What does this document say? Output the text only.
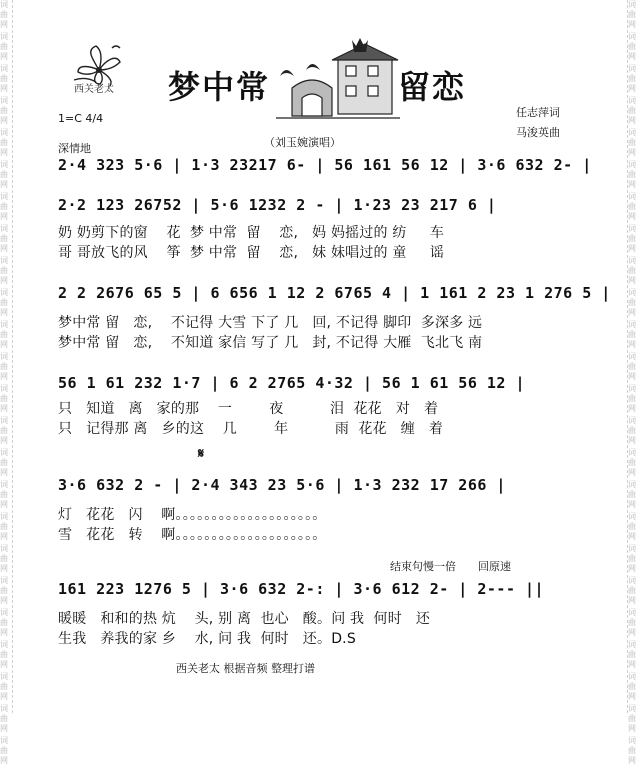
词曲网
词曲网
词曲网
词曲网
词曲网
词曲网
词曲网
词曲网
词曲网
词曲网
词曲网
词曲网
词曲网
词曲网
词曲网
词曲网
词曲网
词曲网
词曲网
词曲网
词曲网
词曲网
词曲网
词曲网
词曲网
词曲网
词曲网
词曲网
词曲网
词曲网
词曲网
词曲网
词曲网
词曲网
词曲网
词曲网
词曲网
词曲网
词曲网
词曲网
词曲网
词曲网
词曲网
词曲网
词曲网
词曲网
词曲网
词曲网
西关老太 梦中常	留恋
1=C 4/4	任志萍词
马浚英曲
（刘玉婉演唱）
深情地
2·4 323 5·6 | 1·3 23217 6- | 56 161 56 12 | 3·6 632 2- |
2·2 123 26752 | 5·6 1232 2 - | 1·23 23 217 6 |
奶 奶剪下的窗    花  梦 中常  留    恋,   妈 妈摇过的 纺     车
哥 哥放飞的风    筝  梦 中常  留    恋,   妹 妹唱过的 童     谣
2 2 2676 65 5 | 6 656 1 12 2 6765 4 | 1 161 2 23 1 276 5 |
梦中常 留   恋,    不记得 大雪 下了 几   回, 不记得 脚印  多深多 远
梦中常 留   恋,    不知道 家信 写了 几   封, 不记得 大雁  飞北飞 南
56 1 61 232 1·7 | 6 2 2765 4·32 | 56 1 61 56 12 |
只   知道   离   家的那    一        夜          泪  花花   对   着
只   记得那 离   乡的这    几        年          雨  花花   缠   着
𝄋
3·6 632 2 - | 2·4 343 23 5·6 | 1·3 232 17 266 |
灯   花花   闪    啊。。。。。。。。。。。。。。。。。。。。
雪   花花   转    啊。。。。。。。。。。。。。。。。。。。。
结束句慢一倍 回原速
161 223 1276 5 | 3·6 632 2-: | 3·6 612 2- | 2--- ||
暖暖   和和的热 炕    头, 别 离  也心   酸。问 我  何时   还
生我   养我的家 乡    水, 问 我  何时   还。D.S
西关老太 根据音频 整理打谱
